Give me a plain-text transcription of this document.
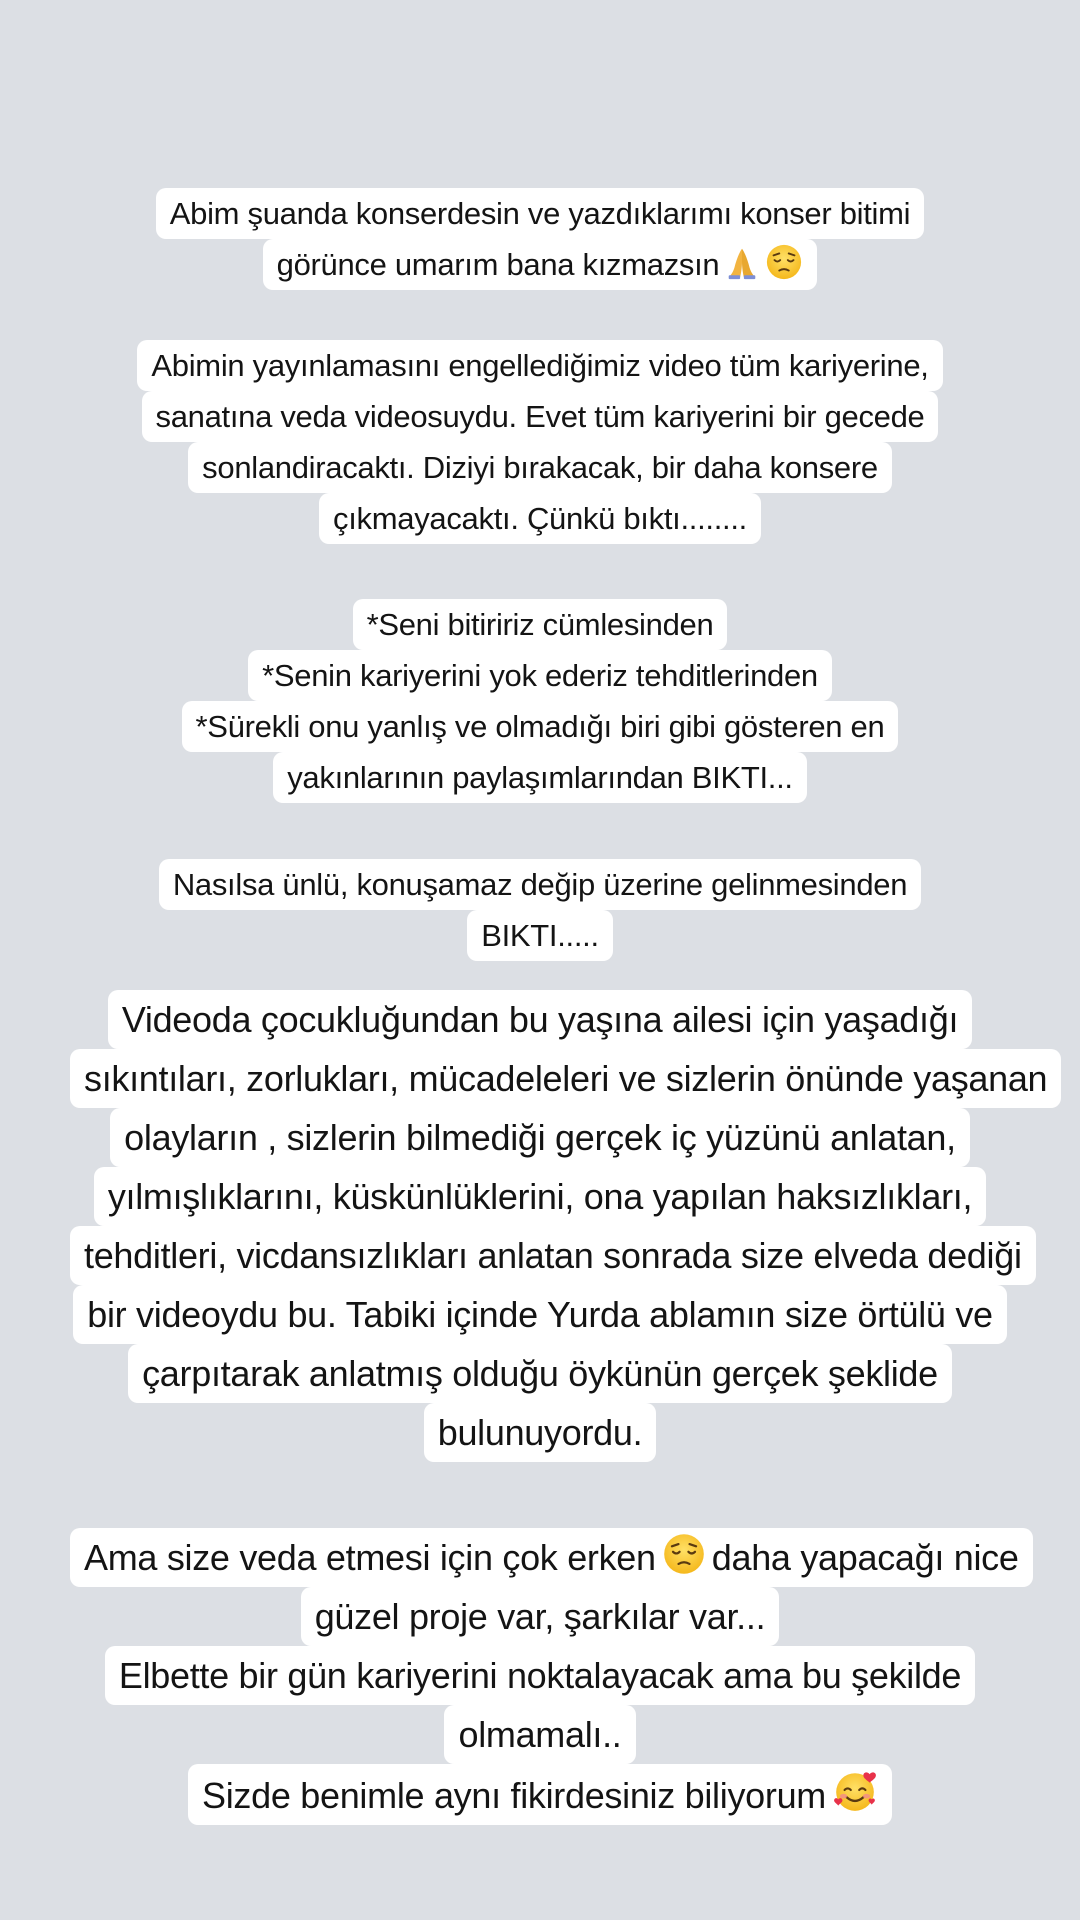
Abim şuanda konserdesin ve yazdıklarımı konser bitimi
görünce umarım bana kızmazsın
Abimin yayınlamasını engellediğimiz video tüm kariyerine,
sanatına veda videosuydu. Evet tüm kariyerini bir gecede
sonlandiracaktı. Diziyi bırakacak, bir daha konsere
çıkmayacaktı. Çünkü bıktı........
*Seni bitiririz cümlesinden
*Senin kariyerini yok ederiz tehditlerinden
*Sürekli onu yanlış ve olmadığı biri gibi gösteren en
yakınlarının paylaşımlarından BIKTI...
Nasılsa ünlü, konuşamaz değip üzerine gelinmesinden
BIKTI.....
Videoda çocukluğundan bu yaşına ailesi için yaşadığı
sıkıntıları, zorlukları, mücadeleleri ve sizlerin önünde yaşanan
olayların , sizlerin bilmediği gerçek iç yüzünü anlatan,
yılmışlıklarını, küskünlüklerini, ona yapılan haksızlıkları,
tehditleri, vicdansızlıkları anlatan sonrada size elveda dediği
bir videoydu bu. Tabiki içinde Yurda ablamın size örtülü ve
çarpıtarak anlatmış olduğu öykünün gerçek şeklide
bulunuyordu.
Ama size veda etmesi için çok erken daha yapacağı nice
güzel proje var, şarkılar var...
Elbette bir gün kariyerini noktalayacak ama bu şekilde
olmamalı..
Sizde benimle aynı fikirdesiniz biliyorum
